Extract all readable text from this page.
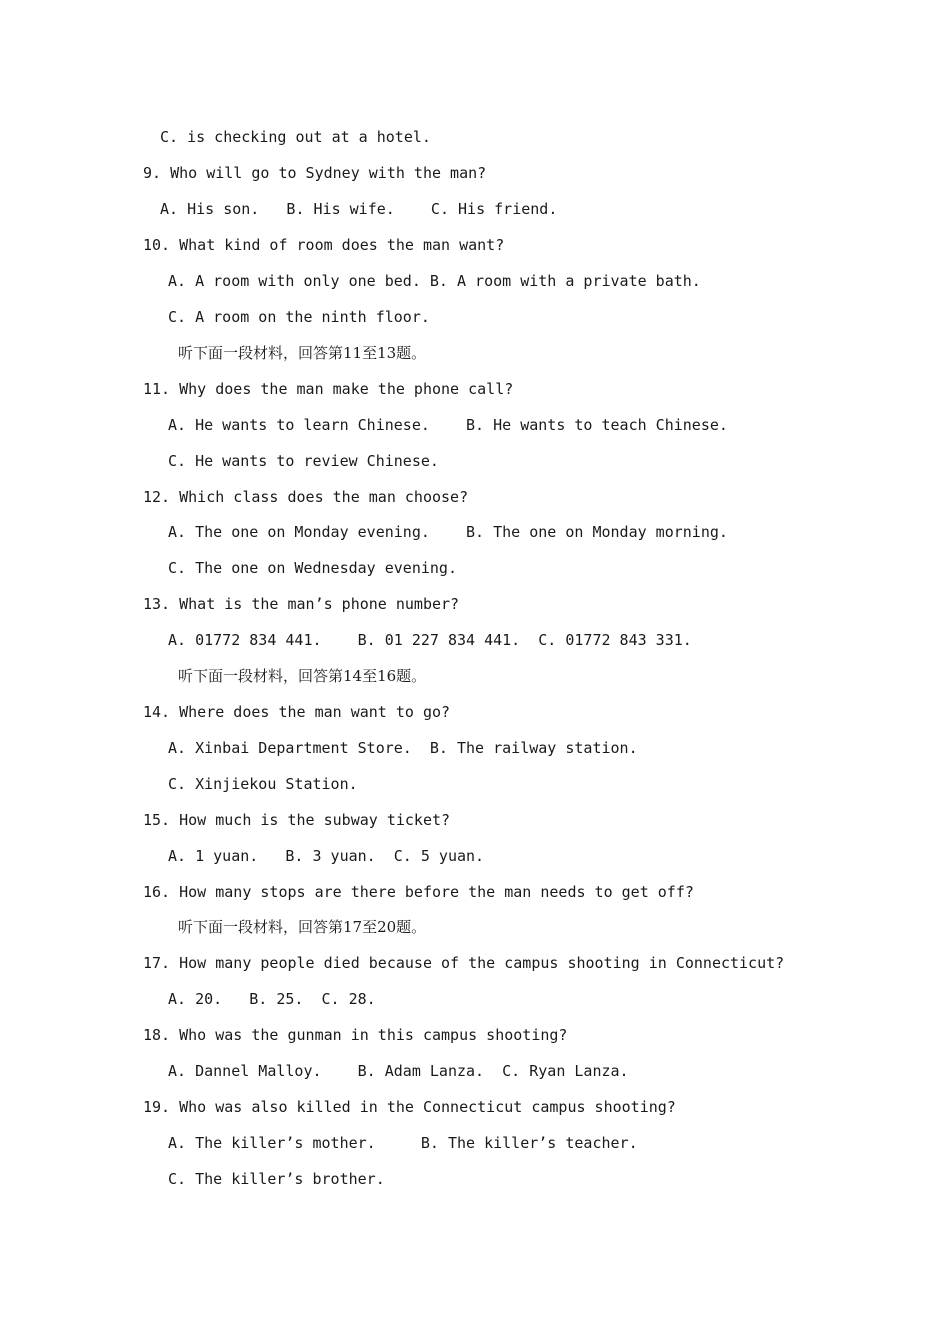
C. is checking out at a hotel.
9. Who will go to Sydney with the man?
A. His son.   B. His wife.    C. His friend.
10. What kind of room does the man want?
A. A room with only one bed. B. A room with a private bath.
C. A room on the ninth floor.
听下面一段材料，回答第11至13题。
11. Why does the man make the phone call?
A. He wants to learn Chinese.    B. He wants to teach Chinese.
C. He wants to review Chinese.
12. Which class does the man choose?
A. The one on Monday evening.    B. The one on Monday morning.
C. The one on Wednesday evening.
13. What is the man’s phone number?
A. 01772 834 441.    B. 01 227 834 441.  C. 01772 843 331.
听下面一段材料，回答第14至16题。
14. Where does the man want to go?
A. Xinbai Department Store.  B. The railway station.
C. Xinjiekou Station.
15. How much is the subway ticket?
A. 1 yuan.   B. 3 yuan.  C. 5 yuan.
16. How many stops are there before the man needs to get off?
听下面一段材料，回答第17至20题。
17. How many people died because of the campus shooting in Connecticut?
A. 20.   B. 25.  C. 28.
18. Who was the gunman in this campus shooting?
A. Dannel Malloy.    B. Adam Lanza.  C. Ryan Lanza.
19. Who was also killed in the Connecticut campus shooting?
A. The killer’s mother.     B. The killer’s teacher.
C. The killer’s brother.
